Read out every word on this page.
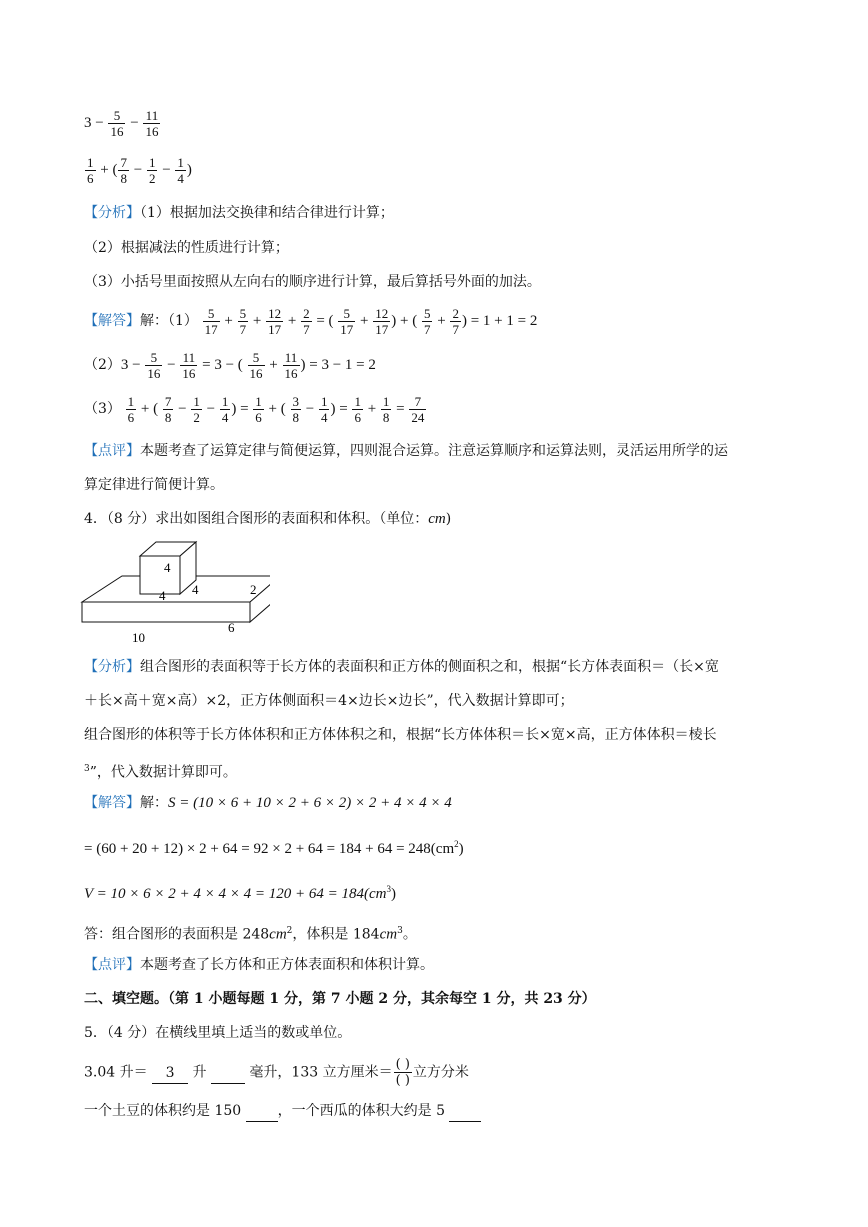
$3 - \frac{5}{16} - \frac{11}{16}$
$\frac{1}{6}$ + ( $\frac{7}{8} - \frac{1}{2} - \frac{1}{4}$ )
【分析】（1）根据加法交换律和结合律进行计算；
（2）根据减法的性质进行计算；
（3）小括号里面按照从左向右的顺序进行计算，最后算括号外面的加法。
【解答】解：$(1) \frac{5}{17} + \frac{5}{7} + \frac{12}{17} + \frac{2}{7}$ = ( $\frac{5}{17} + \frac{12}{17}$ ) + ( $\frac{5}{7} + \frac{2}{7}$ ) = 1 + 1 = 2
$(2)3 - \frac{5}{16} - \frac{11}{16} = 3$ − ( $\frac{5}{16} + \frac{11}{16}$ ) = 3 − 1 = 2
$(3) \frac{1}{6}$ + ( $\frac{7}{8} - \frac{1}{2} - \frac{1}{4}$ ) = $\frac{1}{6}$ + ( $\frac{3}{8} - \frac{1}{4}$ ) = $\frac{1}{6} + \frac{1}{8} = \frac{7}{24}$
【点评】本题考查了运算定律与简便运算，四则混合运算。注意运算顺序和运算法则，灵活运用所学的运
算定律进行简便计算。
4．（8 分）求出如图组合图形的表面积和体积。（单位：cm)
4
4 4	2
10
6
【分析】组合图形的表面积等于长方体的表面积和正方体的侧面积之和，根据“长方体表面积＝（长×宽
＋长×高＋宽×高）×2，正方体侧面积＝4×边长×边长”，代入数据计算即可；
组合图形的体积等于长方体体积和正方体体积之和，根据“长方体体积＝长×宽×高，正方体体积＝棱长
$^3$”，代入数据计算即可。
【解答】解：S = (10 × 6 + 10 × 2 + 6 × 2) × 2 + 4 × 4 × 4
= $(60 + 20 + 12) \times 2 + 64 = 92 \times 2 + 64 = 184 + 64 = 248(cm^2)$
$V = 10 \times 6 \times 2 + 4 \times 4 \times 4 = 120 + 64 = 184(cm^3)$
答：组合图形的表面积是 $248cm^2$，体积是 $184cm^3$。
【点评】本题考查了长方体和正方体表面积和体积计算。
二、填空题。（第 1 小题每题 1 分，第 7 小题 2 分，其余每空 1 分，共 23 分）
5．（4 分）在横线里填上适当的数或单位。
3.04 升＝ 3 升	毫升，133 立方厘米＝ $\frac{( )}{( )}$ 立方分米
一个土豆的体积约是 150	，一个西瓜的体积大约是 5
